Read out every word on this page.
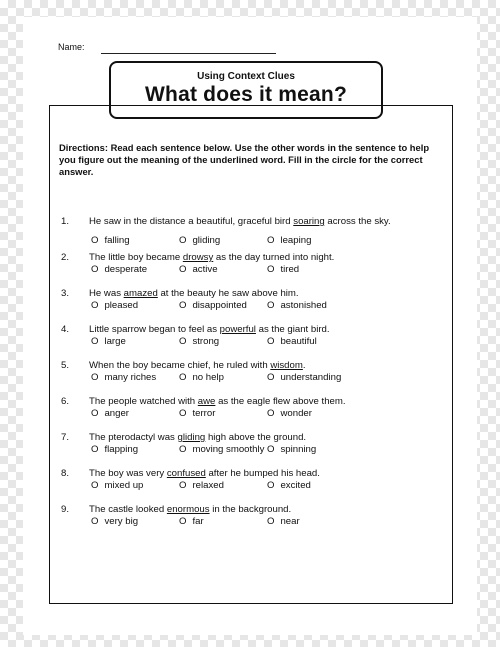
Name:
Directions: Read each sentence below. Use the other words in the sentence to help you figure out the meaning of the underlined word. Fill in the circle for the correct answer.
1.	He saw in the distance a beautiful, graceful bird soaring across the sky.
O falling	O gliding	O leaping
2.	The little boy became drowsy as the day turned into night.
O desperate	O active	O tired
3.	He was amazed at the beauty he saw above him.
O pleased	O disappointed	O astonished
4.	Little sparrow began to feel as powerful as the giant bird.
O large	O strong	O beautiful
5.	When the boy became chief, he ruled with wisdom.
O many riches	O no help	O understanding
6.	The people watched with awe as the eagle flew above them.
O anger	O terror	O wonder
7.	The pterodactyl was gliding high above the ground.
O flapping	O moving smoothly O spinning
8.	The boy was very confused after he bumped his head.
O mixed up	O relaxed	O excited
9.	The castle looked enormous in the background.
O very big	O far	O near
Using Context Clues
What does it mean?
